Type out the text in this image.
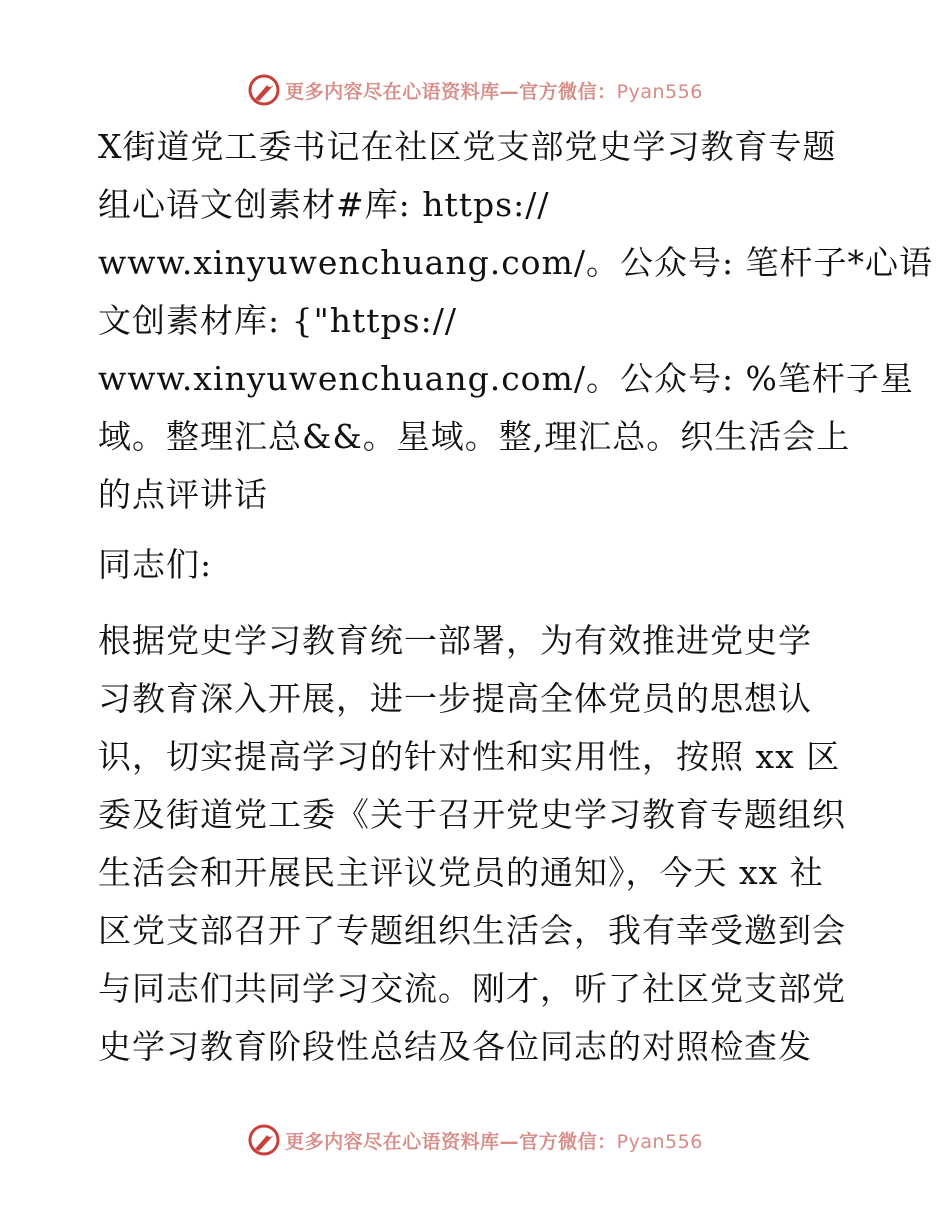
更多内容尽在心语资料库—官方微信：Pyan556
X街道党工委书记在社区党支部党史学习教育专题
组心语文创素材#库: https://
www.xinyuwenchuang.com/。公众号: 笔杆子*心语
文创素材库: {"https://
www.xinyuwenchuang.com/。公众号: %笔杆子星
域。整理汇总&&。星域。整,理汇总。织生活会上
的点评讲话
同志们:
根据党史学习教育统一部署，为有效推进党史学
习教育深入开展，进一步提高全体党员的思想认
识，切实提高学习的针对性和实用性，按照 xx 区
委及街道党工委《关于召开党史学习教育专题组织
生活会和开展民主评议党员的通知》，今天 xx 社
区党支部召开了专题组织生活会，我有幸受邀到会
与同志们共同学习交流。刚才，听了社区党支部党
史学习教育阶段性总结及各位同志的对照检查发
更多内容尽在心语资料库—官方微信：Pyan556
